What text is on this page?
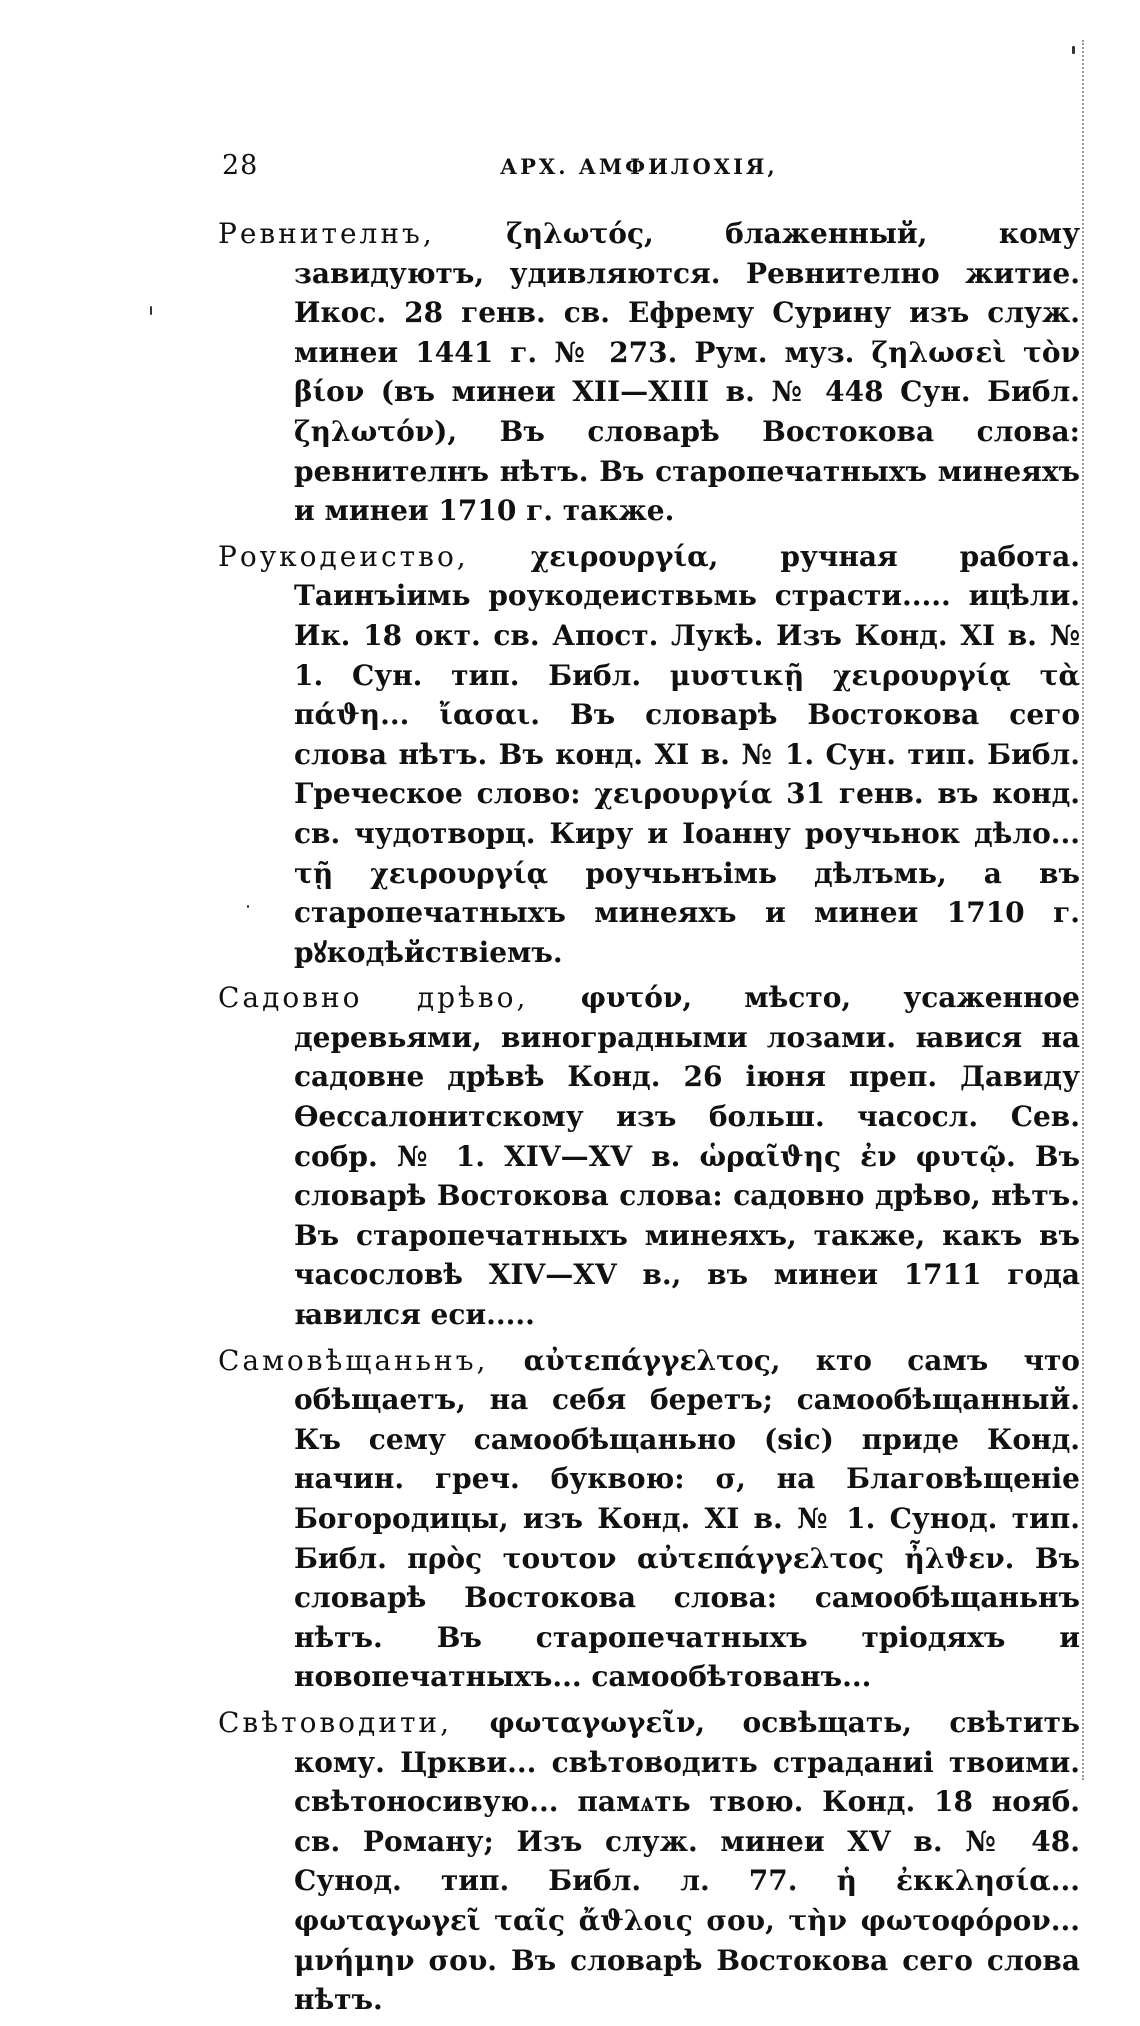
28	АРХ. АМФИЛОХІЯ,

Ревнителнъ,	ζηλωτός, блаженный, кому завидуютъ, удивляются. Ревнително житие. Икос. 28 генв. св. Ефрему Сурину изъ служ. минеи 1441 г. № 273. Рум. муз. ζηλωσεὶ τὸν βίον (въ минеи XII—XIII в. № 448 Сун. Библ. ζηλωτόν), Въ словарѣ Востокова слова: ревнителнъ нѣтъ. Въ старопечатныхъ минеяхъ и минеи 1710 г. также.

Роукодеиство, χειρουργία, ручная работа. Таинъіимь роукодеиствьмь страсти..... ицѣли. Ик. 18 окт. св. Апост. Лукѣ. Изъ Конд. XI в. № 1. Сун. тип. Библ. μυστικῇ χειρουργίᾳ τὰ πάϑη... ἴασαι. Въ словарѣ Востокова сего слова нѣтъ. Въ конд. XI в. № 1. Сун. тип. Библ. Греческое слово: χειρουργία 31 генв. въ конд. св. чудотворц. Киру и Іоанну роучьнок дѣло... τῇ χειρουργίᾳ роучьнъімь дѣлъмь, а въ старопечатныхъ минеяхъ и минеи 1710 г. рꙋкодѣйствіемъ.

Садовно дрѣво, φυτόν, мѣсто, усаженное деревьями, виноградными лозами. ꙗвися на садовне дрѣвѣ Конд. 26 іюня преп. Давиду Ѳессалонитскому изъ больш. часосл. Сев. собр. № 1. XIV—XV в. ὡραῖϑης ἐν φυτῷ. Въ словарѣ Востокова слова: садовно дрѣво, нѣтъ. Въ старопечатныхъ минеяхъ, также, какъ въ часословѣ XIV—XV в., въ минеи 1711 года ꙗвился еси.....

Самовѣщаньнъ, αὐτεπάγγελτος, кто самъ что обѣщаетъ, на себя беретъ; самообѣщанный. Къ сему самообѣщаньно (sic) приде Конд. начин. греч. буквою: σ, на Благовѣщеніе Богородицы, изъ Конд. XI в. № 1. Сунод. тип. Библ. πρὸς τουτον αὐτεπάγγελτος ἦλϑεν. Въ словарѣ Востокова слова: самообѣщаньнъ нѣтъ. Въ старопечатныхъ тріодяхъ и новопечатныхъ... самообѣтованъ...

Свѣтоводити, φωταγωγεῖν, освѣщать, свѣтить кому. Цркви... свѣтоводить страданиі твоими. свѣтоносивую... памѧть твою. Конд. 18 нояб. св. Роману; Изъ служ. минеи XV в. № 48. Сунод. тип. Библ. л. 77. ἡ ἐκκλησία... φωταγωγεῖ ταῖς ἄϑλοις σου, τὴν φωτοφόρον... μνήμην σου. Въ словарѣ Востокова сего слова нѣтъ.
